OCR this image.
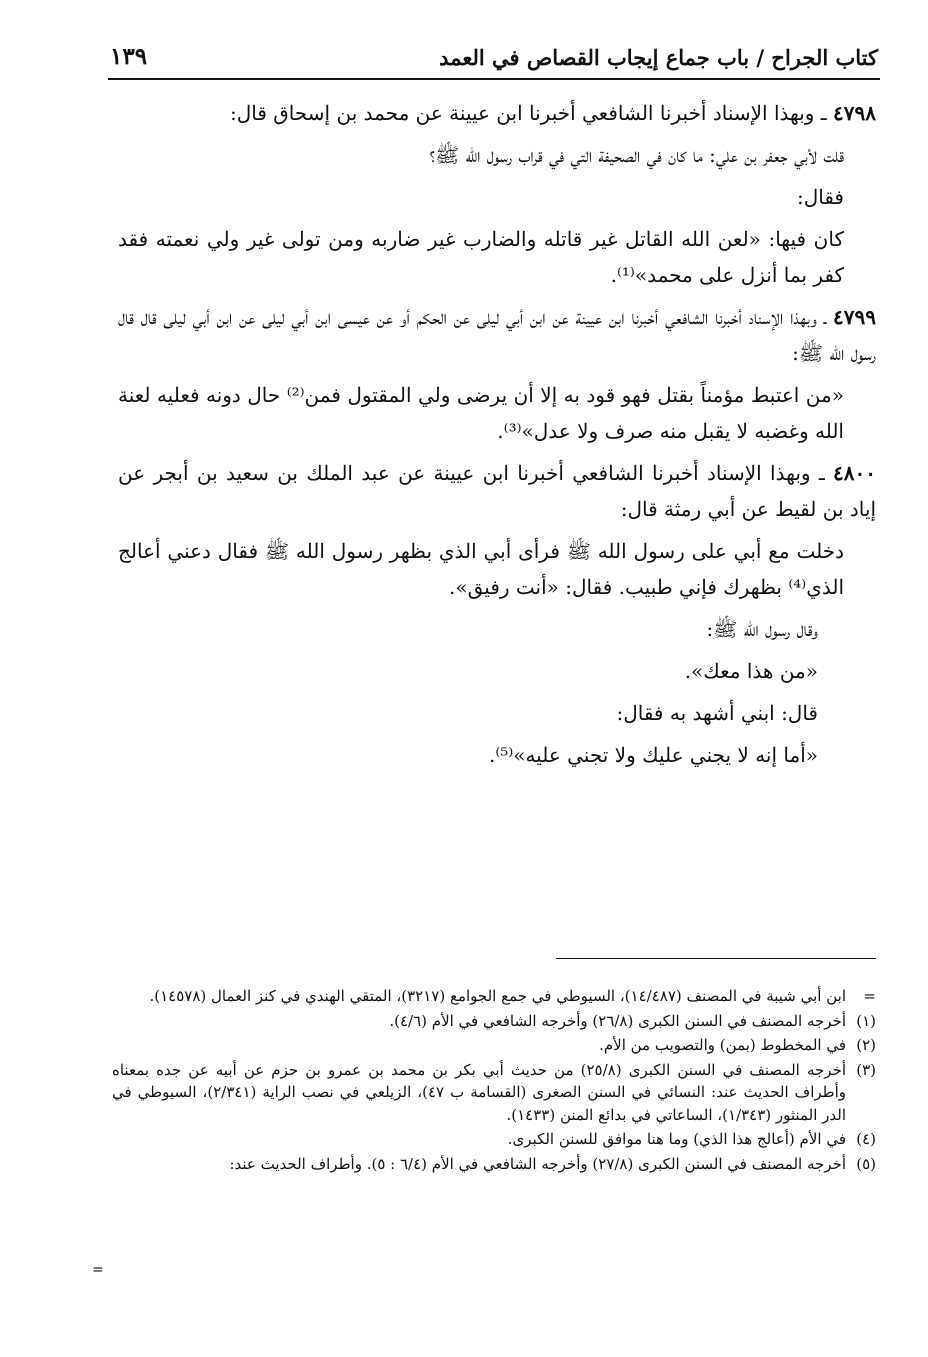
كتاب الجراح / باب جماع إيجاب القصاص في العمد
١٣٩

٤٧٩٨ ـ وبهذا الإسناد أخبرنا الشافعي أخبرنا ابن عيينة عن محمد بن إسحاق قال:

قلت لأبي جعفر بن علي: ما كان في الصحيفة التي في قراب رسول الله ﷺ؟

فقال:

كان فيها: «لعن الله القاتل غير قاتله والضارب غير ضاربه ومن تولى غير ولي نعمته فقد كفر بما أنزل على محمد»⁽¹⁾.

٤٧٩٩ ـ وبهذا الإسناد أخبرنا الشافعي أخبرنا ابن عيينة عن ابن أبي ليلى عن الحكم أو عن عيسى ابن أبي ليلى عن ابن أبي ليلى قال قال رسول الله ﷺ:

«من اعتبط مؤمناً بقتل فهو قود به إلا أن يرضى ولي المقتول فمن⁽²⁾ حال دونه فعليه لعنة الله وغضبه لا يقبل منه صرف ولا عدل»⁽³⁾.

٤٨٠٠ ـ وبهذا الإسناد أخبرنا الشافعي أخبرنا ابن عيينة عن عبد الملك بن سعيد بن أبجر عن إياد بن لقيط عن أبي رمثة قال:

دخلت مع أبي على رسول الله ﷺ فرأى أبي الذي بظهر رسول الله ﷺ فقال دعني أعالج الذي⁽⁴⁾ بظهرك فإني طبيب. فقال: «أنت رفيق».

وقال رسول الله ﷺ:

«من هذا معك».

قال: ابني أشهد به فقال:

«أما إنه لا يجني عليك ولا تجني عليه»⁽⁵⁾.

=
ابن أبي شيبة في المصنف (١٤/٤٨٧)، السيوطي في جمع الجوامع (٣٢١٧)، المتقي الهندي في كنز العمال (١٤٥٧٨).
(١)
أخرجه المصنف في السنن الكبرى (٢٦/٨) وأخرجه الشافعي في الأم (٤/٦).
(٢)
في المخطوط (بمن) والتصويب من الأم.
(٣)
أخرجه المصنف في السنن الكبرى (٢٥/٨) من حديث أبي بكر بن محمد بن عمرو بن حزم عن أبيه عن جده بمعناه وأطراف الحديث عند: النسائي في السنن الصغرى (القسامة ب ٤٧)، الزيلعي في نصب الراية (٢/٣٤١)، السيوطي في الدر المنثور (١/٣٤٣)، الساعاتي في بدائع المنن (١٤٣٣).
(٤)
في الأم (أعالج هذا الذي) وما هنا موافق للسنن الكبرى.
(٥)
أخرجه المصنف في السنن الكبرى (٢٧/٨) وأخرجه الشافعي في الأم (٦/٤ : ٥). وأطراف الحديث عند:
=
